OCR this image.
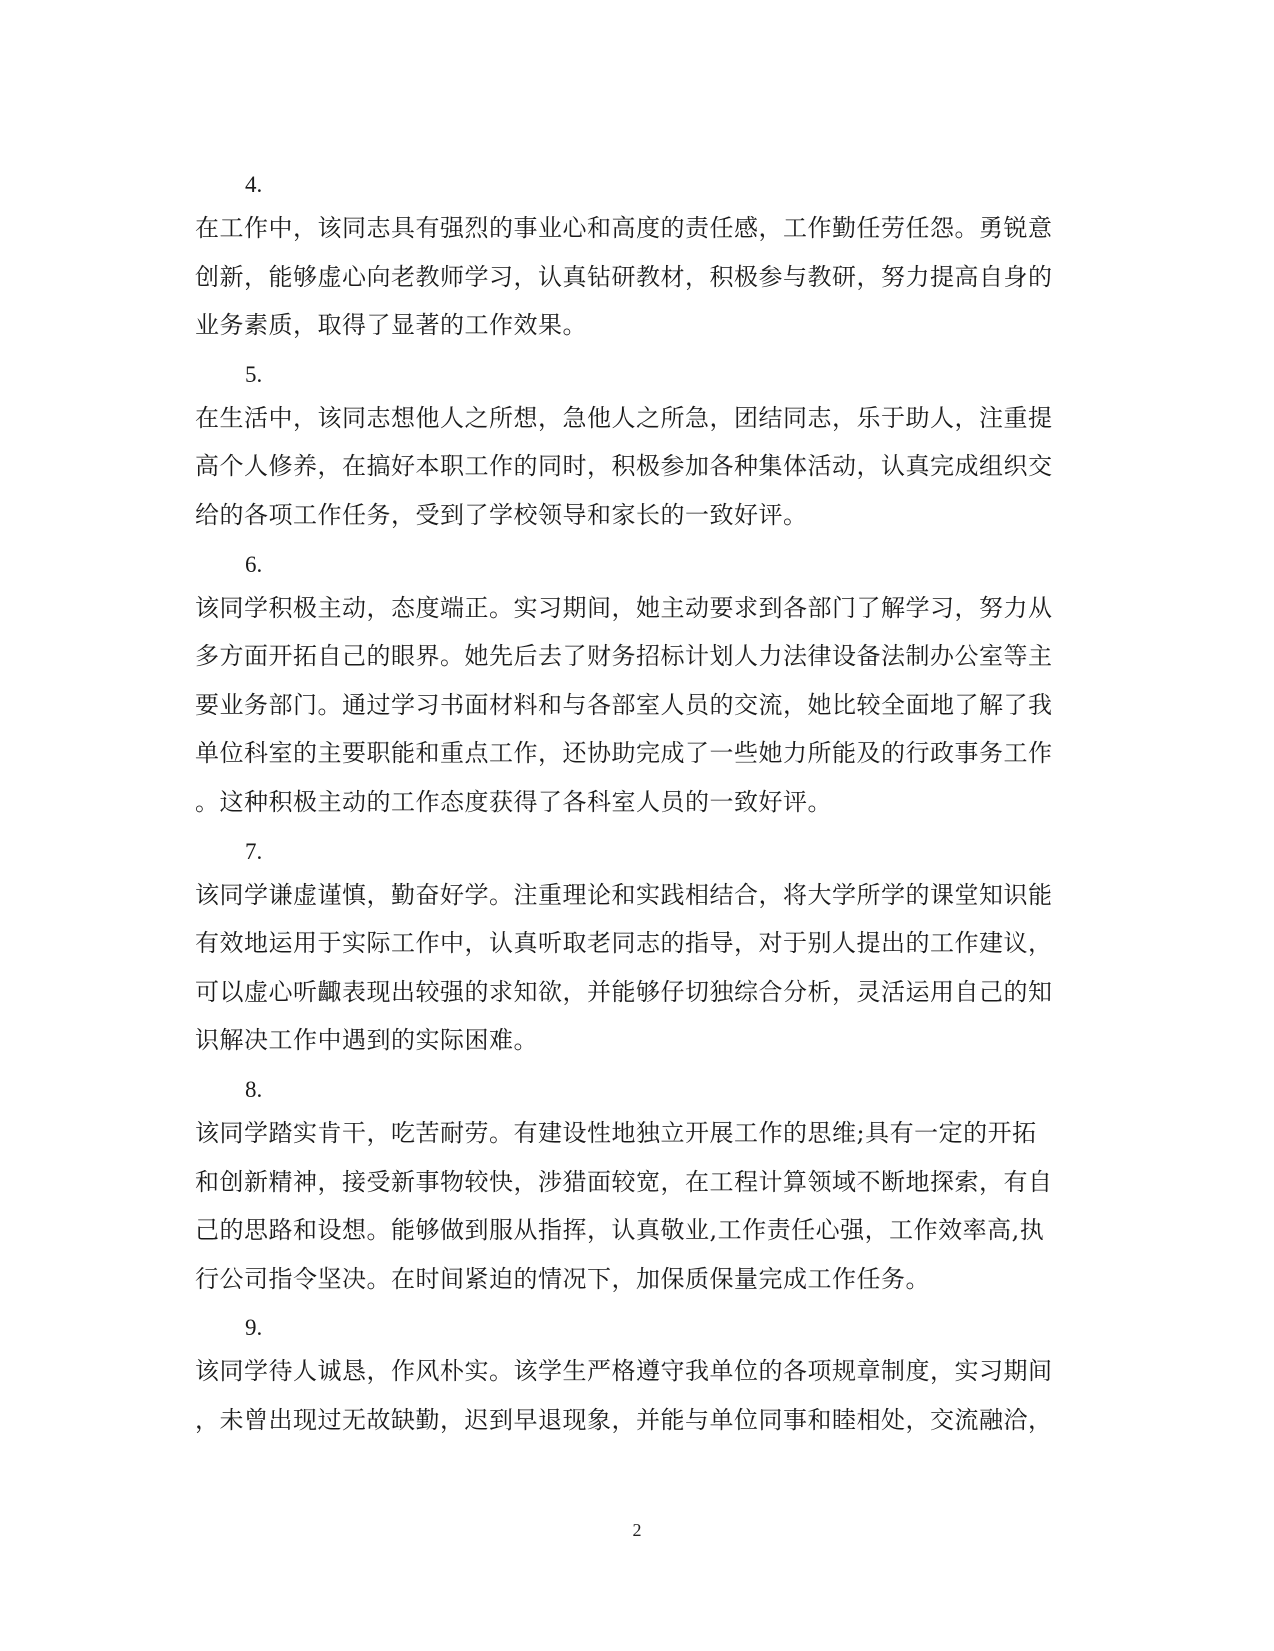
4.

在工作中，该同志具有强烈的事业心和高度的责任感，工作勤任劳任怨。勇锐意
创新，能够虚心向老教师学习，认真钻研教材，积极参与教研，努力提高自身的
业务素质，取得了显著的工作效果。

5.

在生活中，该同志想他人之所想，急他人之所急，团结同志，乐于助人，注重提
高个人修养，在搞好本职工作的同时，积极参加各种集体活动，认真完成组织交
给的各项工作任务，受到了学校领导和家长的一致好评。

6.

该同学积极主动，态度端正。实习期间，她主动要求到各部门了解学习，努力从
多方面开拓自己的眼界。她先后去了财务招标计划人力法律设备法制办公室等主
要业务部门。通过学习书面材料和与各部室人员的交流，她比较全面地了解了我
单位科室的主要职能和重点工作，还协助完成了一些她力所能及的行政事务工作
。这种积极主动的工作态度获得了各科室人员的一致好评。

7.

该同学谦虚谨慎，勤奋好学。注重理论和实践相结合，将大学所学的课堂知识能
有效地运用于实际工作中，认真听取老同志的指导，对于别人提出的工作建议，
可以虚心听齱表现出较强的求知欲，并能够仔切独综合分析，灵活运用自己的知
识解决工作中遇到的实际困难。

8.

该同学踏实肯干，吃苦耐劳。有建设性地独立开展工作的思维;具有一定的开拓
和创新精神，接受新事物较快，涉猎面较宽，在工程计算领域不断地探索，有自
己的思路和设想。能够做到服从指挥，认真敬业,工作责任心强，工作效率高,执
行公司指令坚决。在时间紧迫的情况下，加保质保量完成工作任务。

9.

该同学待人诚恳，作风朴实。该学生严格遵守我单位的各项规章制度，实习期间
，未曾出现过无故缺勤，迟到早退现象，并能与单位同事和睦相处，交流融洽，

2
